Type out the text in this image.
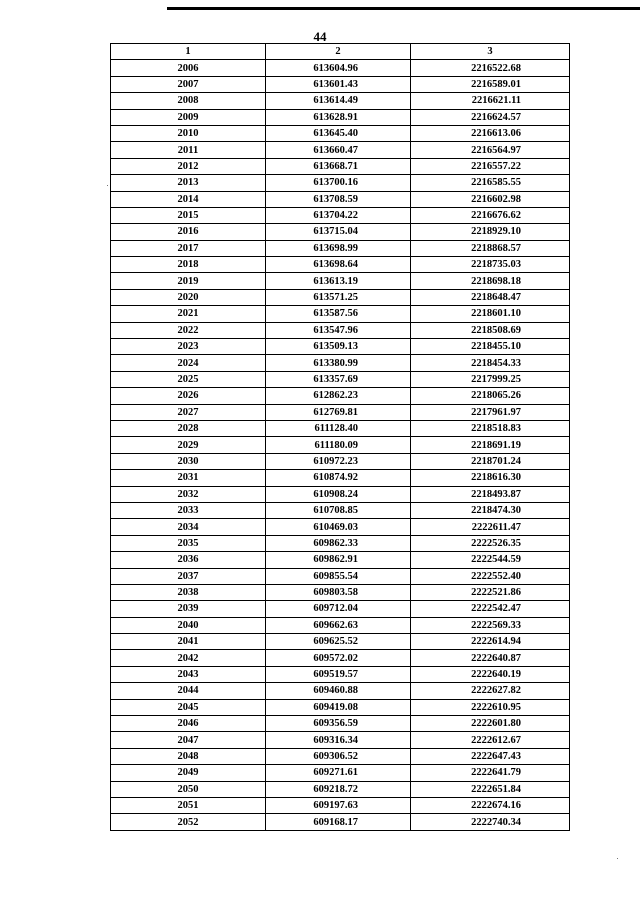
44
1	2	3
2006	613604.96	2216522.68
2007	613601.43	2216589.01
2008	613614.49	2216621.11
2009	613628.91	2216624.57
2010	613645.40	2216613.06
2011	613660.47	2216564.97
2012	613668.71	2216557.22
2013	613700.16	2216585.55
2014	613708.59	2216602.98
2015	613704.22	2216676.62
2016	613715.04	2218929.10
2017	613698.99	2218868.57
2018	613698.64	2218735.03
2019	613613.19	2218698.18
2020	613571.25	2218648.47
2021	613587.56	2218601.10
2022	613547.96	2218508.69
2023	613509.13	2218455.10
2024	613380.99	2218454.33
2025	613357.69	2217999.25
2026	612862.23	2218065.26
2027	612769.81	2217961.97
2028	611128.40	2218518.83
2029	611180.09	2218691.19
2030	610972.23	2218701.24
2031	610874.92	2218616.30
2032	610908.24	2218493.87
2033	610708.85	2218474.30
2034	610469.03	2222611.47
2035	609862.33	2222526.35
2036	609862.91	2222544.59
2037	609855.54	2222552.40
2038	609803.58	2222521.86
2039	609712.04	2222542.47
2040	609662.63	2222569.33
2041	609625.52	2222614.94
2042	609572.02	2222640.87
2043	609519.57	2222640.19
2044	609460.88	2222627.82
2045	609419.08	2222610.95
2046	609356.59	2222601.80
2047	609316.34	2222612.67
2048	609306.52	2222647.43
2049	609271.61	2222641.79
2050	609218.72	2222651.84
2051	609197.63	2222674.16
2052	609168.17	2222740.34
